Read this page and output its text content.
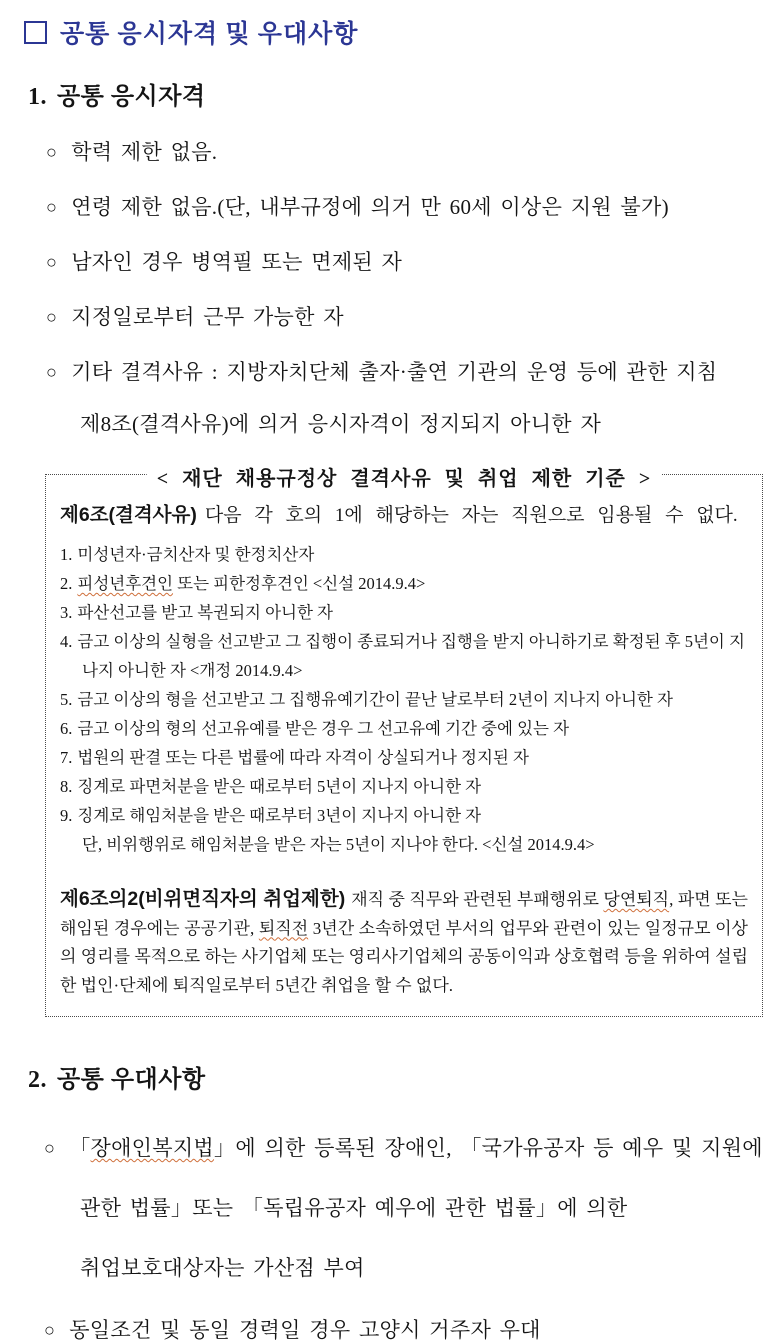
공통 응시자격 및 우대사항
1. 공통 응시자격
○ 학력 제한 없음.
○ 연령 제한 없음.(단, 내부규정에 의거 만 60세 이상은 지원 불가)
○ 남자인 경우 병역필 또는 면제된 자
○ 지정일로부터 근무 가능한 자
○ 기타 결격사유 : 지방자치단체 출자·출연 기관의 운영 등에 관한 지침
제8조(결격사유)에 의거 응시자격이 정지되지 아니한 자
< 재단 채용규정상 결격사유 및 취업 제한 기준 >
제6조(결격사유) 다음 각 호의 1에 해당하는 자는 직원으로 임용될 수 없다.
1. 미성년자·금치산자 및 한정치산자
2. 피성년후견인 또는 피한정후견인 <신설 2014.9.4>
3. 파산선고를 받고 복권되지 아니한 자
4. 금고 이상의 실형을 선고받고 그 집행이 종료되거나 집행을 받지 아니하기로 확정된 후 5년이 지나지 아니한 자 <개정 2014.9.4>
5. 금고 이상의 형을 선고받고 그 집행유예기간이 끝난 날로부터 2년이 지나지 아니한 자
6. 금고 이상의 형의 선고유예를 받은 경우 그 선고유예 기간 중에 있는 자
7. 법원의 판결 또는 다른 법률에 따라 자격이 상실되거나 정지된 자
8. 징계로 파면처분을 받은 때로부터 5년이 지나지 아니한 자
9. 징계로 해임처분을 받은 때로부터 3년이 지나지 아니한 자
단, 비위행위로 해임처분을 받은 자는 5년이 지나야 한다. <신설 2014.9.4>
제6조의2(비위면직자의 취업제한) 재직 중 직무와 관련된 부패행위로 당연퇴직, 파면 또는 해임된 경우에는 공공기관, 퇴직전 3년간 소속하였던 부서의 업무와 관련이 있는 일정규모 이상의 영리를 목적으로 하는 사기업체 또는 영리사기업체의 공동이익과 상호협력 등을 위하여 설립한 법인·단체에 퇴직일로부터 5년간 취업을 할 수 없다.
2. 공통 우대사항
○ 「장애인복지법」에 의한 등록된 장애인, 「국가유공자 등 예우 및 지원에
관한 법률」또는 「독립유공자 예우에 관한 법률」에 의한
취업보호대상자는 가산점 부여
○ 동일조건 및 동일 경력일 경우 고양시 거주자 우대
